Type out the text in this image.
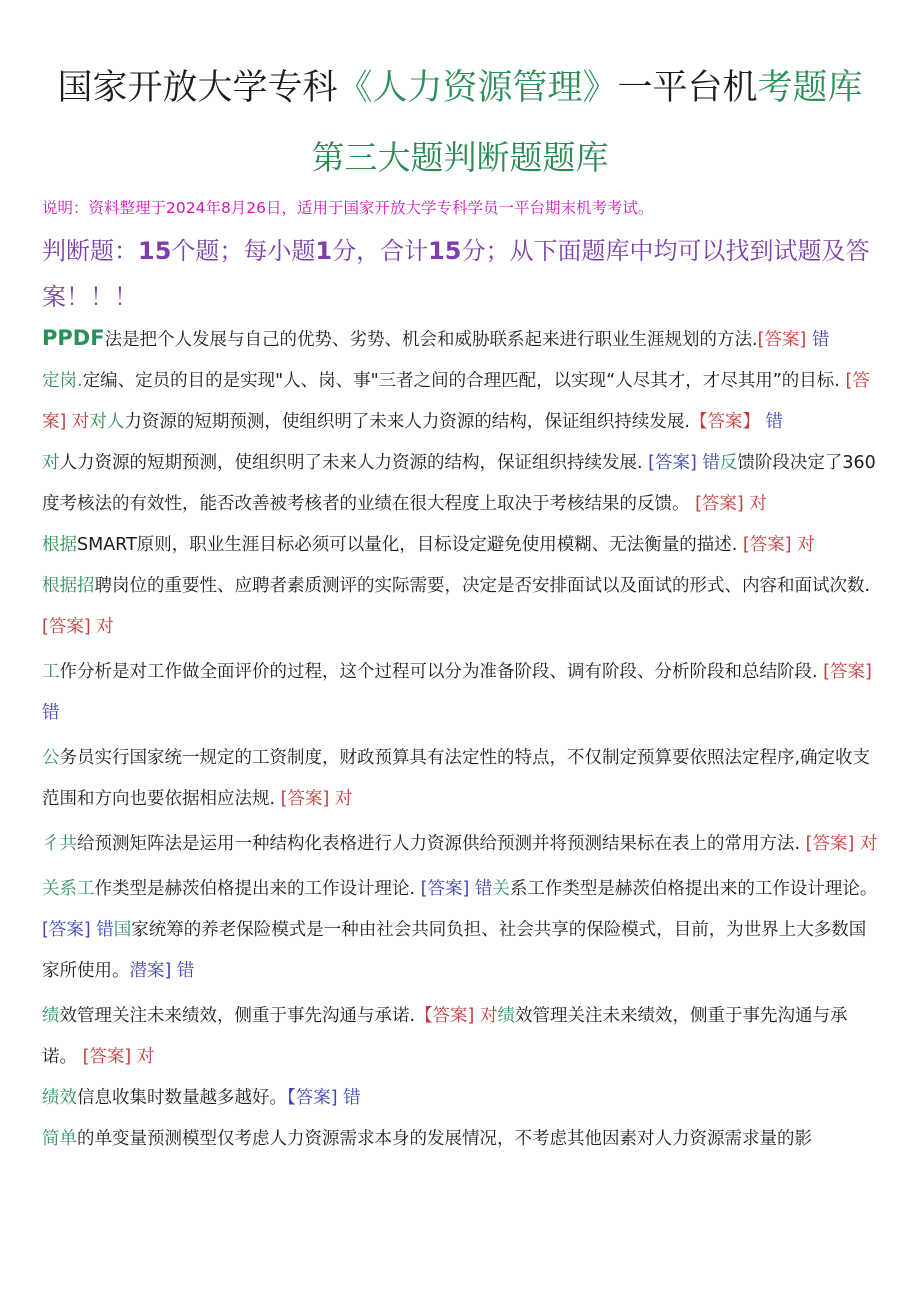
国家开放大学专科《人力资源管理》一平台机考题库
第三大题判断题题库
说明：资料整理于2024年8月26日，适用于国家开放大学专科学员一平台期末机考考试。
判断题：15个题；每小题1分，合计15分；从下面题库中均可以找到试题及答案！！！

PPDF法是把个人发展与自己的优势、劣势、机会和威胁联系起来进行职业生涯规划的方法.[答案] 错

定岗.定编、定员的目的是实现"人、岗、事"三者之间的合理匹配，以实现“人尽其才，才尽其用”的目标. [答案] 对对人力资源的短期预测，使组织明了未来人力资源的结构，保证组织持续发展.【答案】 错

对人力资源的短期预测，使组织明了未来人力资源的结构，保证组织持续发展. [答案] 错反馈阶段决定了360度考核法的有效性，能否改善被考核者的业绩在很大程度上取决于考核结果的反馈。 [答案] 对

根据SMART原则，职业生涯目标必须可以量化，目标设定避免使用模糊、无法衡量的描述. [答案] 对

根据招聘岗位的重要性、应聘者素质测评的实际需要，决定是否安排面试以及面试的形式、内容和面试次数. [答案] 对

工作分析是对工作做全面评价的过程，这个过程可以分为准备阶段、调有阶段、分析阶段和总结阶段. [答案] 错

公务员实行国家统一规定的工资制度，财政预算具有法定性的特点，不仅制定预算要依照法定程序,确定收支范围和方向也要依据相应法规. [答案] 对

彳共给预测矩阵法是运用一种结构化表格进行人力资源供给预测并将预测结果标在表上的常用方法. [答案] 对

关系工作类型是赫茨伯格提出来的工作设计理论. [答案] 错关系工作类型是赫茨伯格提出来的工作设计理论。 [答案] 错国家统筹的养老保险模式是一种由社会共同负担、社会共享的保险模式，目前，为世界上大多数国家所使用。潜案] 错

绩效管理关注未来绩效，侧重于事先沟通与承诺.【答案] 对绩效管理关注未来绩效，侧重于事先沟通与承诺。 [答案] 对

绩效信息收集时数量越多越好。【答案] 错

简单的单变量预测模型仅考虑人力资源需求本身的发展情况，不考虑其他因素对人力资源需求量的影
